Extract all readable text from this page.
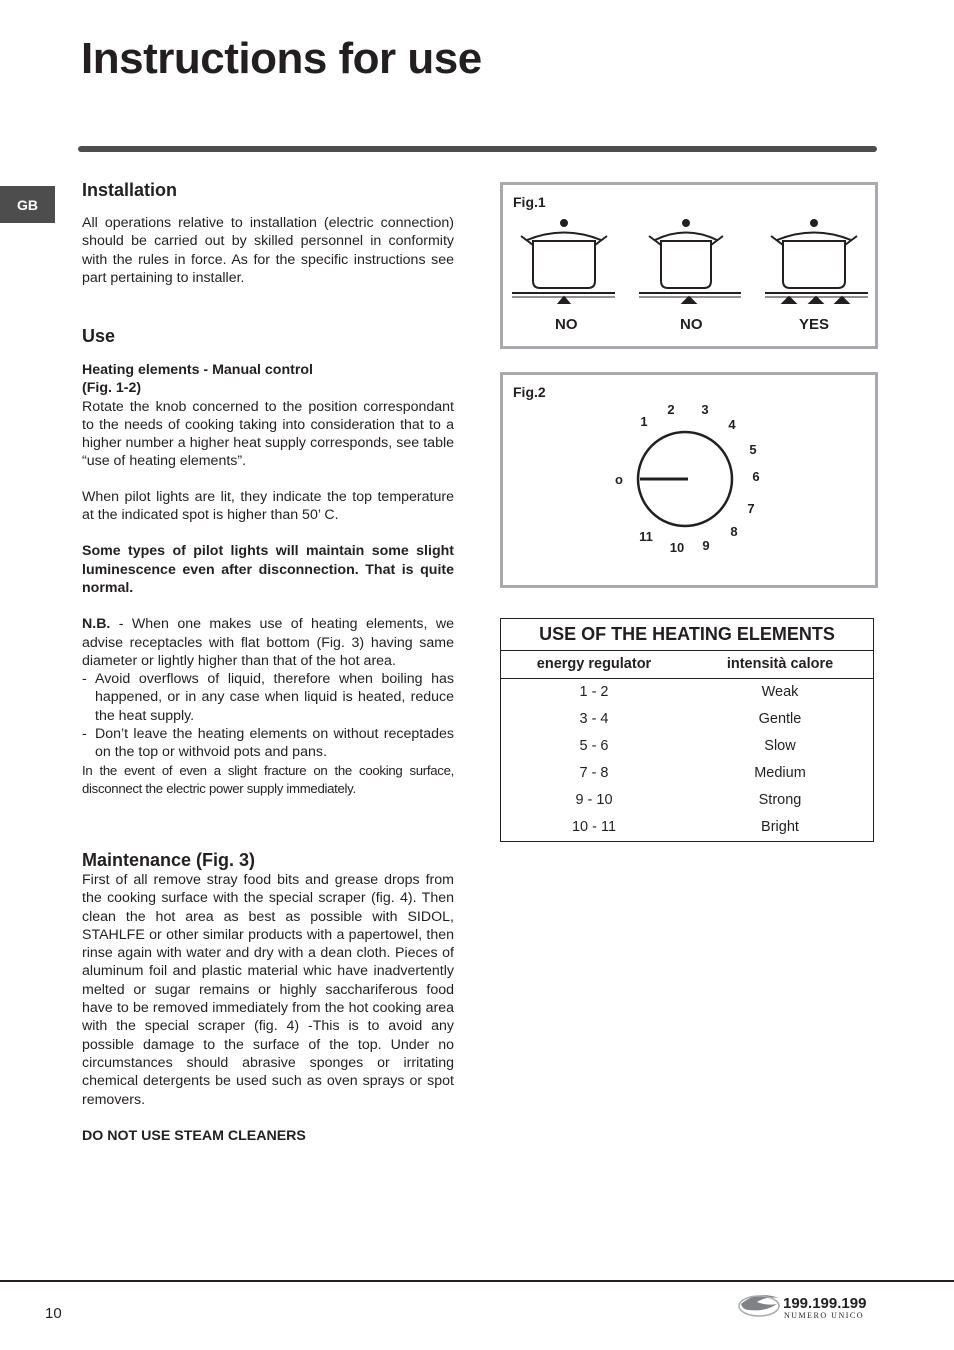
Instructions for use
GB
Installation

All operations relative to installation (electric connection) should be carried out by skilled personnel in conformity with the rules in force. As for the specific instructions see part pertaining to installer.

Use

Heating elements - Manual control

(Fig. 1-2)

Rotate the knob concerned to the position correspondant to the needs of cooking taking into consideration that to a higher number a higher heat supply corresponds, see table “use of heating elements”.

When pilot lights are lit, they indicate the top temperature at the indicated spot is higher than 50’ C.

Some types of pilot lights will maintain some slight luminescence even after disconnection. That is quite normal.

N.B. - When one makes use of heating elements, we advise receptacles with flat bottom (Fig. 3) having same diameter or lightly higher than that of the hot area.

- Avoid overflows of liquid, therefore when boiling has happened, or in any case when liquid is heated, reduce the heat supply.
- Don’t leave the heating elements on without receptades on the top or withvoid pots and pans.

In the event of even a slight fracture on the cooking surface, disconnect the electric power supply immediately.

Maintenance (Fig. 3)

First of all remove stray food bits and grease drops from the cooking surface with the special scraper (fig. 4). Then clean the hot area as best as possible with SIDOL, STAHLFE or other similar products with a papertowel, then rinse again with water and dry with a dean cloth. Pieces of aluminum foil and plastic material whic have inadvertently melted or sugar remains or highly sacchariferous food have to be removed immediately from the hot cooking area with the special scraper (fig. 4) -This is to avoid any possible damage to the surface of the top. Under no circumstances should abrasive sponges or irritating chemical detergents be used such as oven sprays or spot removers.

DO NOT USE STEAM CLEANERS

Fig.1
NO	NO	YES
Fig.2
o
1
2 3
4
5
6
7
8
9
10
11
USE OF THE HEATING ELEMENTS
energy regulator	intensità calore
1 - 2	Weak
3 - 4	Gentle
5 - 6	Slow
7 - 8	Medium
9 - 10	Strong
10 - 11	Bright
10
199.199.199
NUMERO UNICO
